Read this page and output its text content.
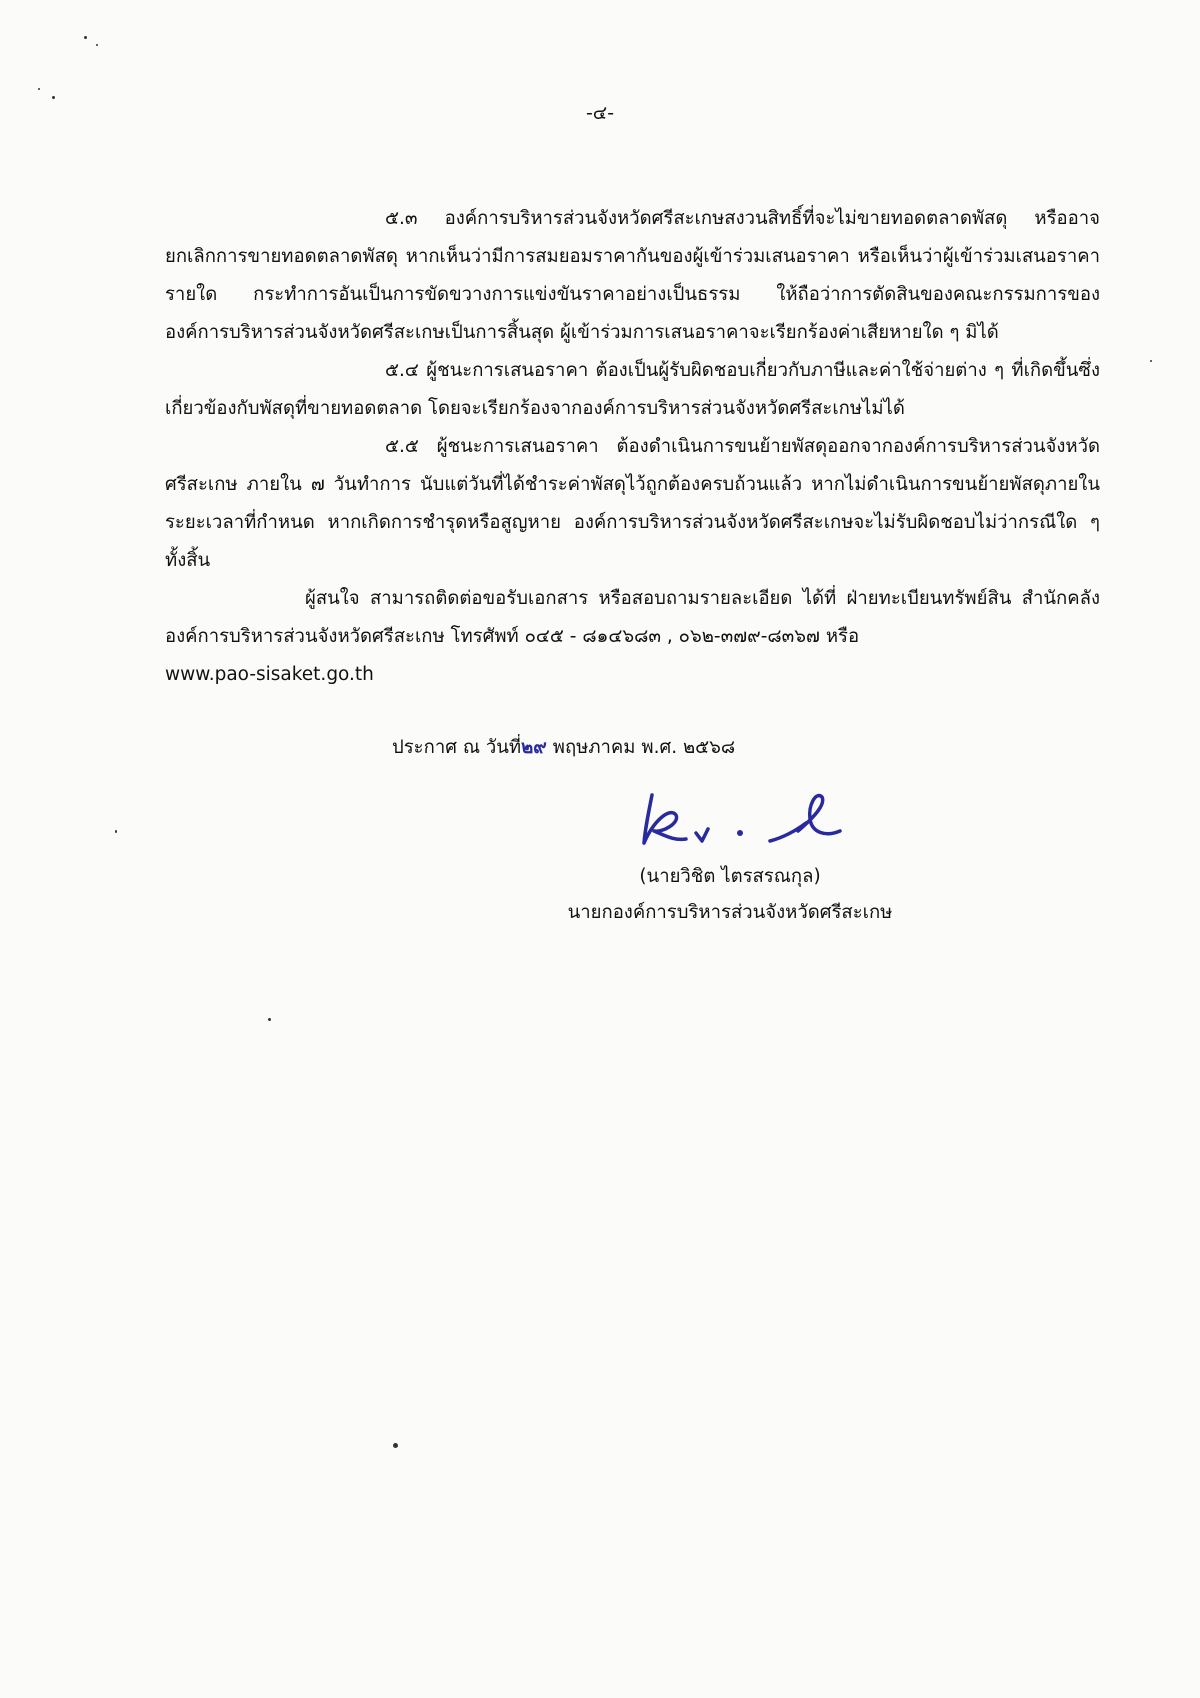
-๔-

๕.๓ องค์การบริหารส่วนจังหวัดศรีสะเกษสงวนสิทธิ์ที่จะไม่ขายทอดตลาดพัสดุ หรืออาจยกเลิกการขายทอดตลาดพัสดุ หากเห็นว่ามีการสมยอมราคากันของผู้เข้าร่วมเสนอราคา หรือเห็นว่าผู้เข้าร่วมเสนอราคารายใด กระทำการอันเป็นการขัดขวางการแข่งขันราคาอย่างเป็นธรรม ให้ถือว่าการตัดสินของคณะกรรมการขององค์การบริหารส่วนจังหวัดศรีสะเกษเป็นการสิ้นสุด ผู้เข้าร่วมการเสนอราคาจะเรียกร้องค่าเสียหายใด ๆ มิได้

๕.๔ ผู้ชนะการเสนอราคา ต้องเป็นผู้รับผิดชอบเกี่ยวกับภาษีและค่าใช้จ่ายต่าง ๆ ที่เกิดขึ้นซึ่งเกี่ยวข้องกับพัสดุที่ขายทอดตลาด โดยจะเรียกร้องจากองค์การบริหารส่วนจังหวัดศรีสะเกษไม่ได้

๕.๕ ผู้ชนะการเสนอราคา ต้องดำเนินการขนย้ายพัสดุออกจากองค์การบริหารส่วนจังหวัดศรีสะเกษ ภายใน ๗ วันทำการ นับแต่วันที่ได้ชำระค่าพัสดุไว้ถูกต้องครบถ้วนแล้ว หากไม่ดำเนินการขนย้ายพัสดุภายในระยะเวลาที่กำหนด หากเกิดการชำรุดหรือสูญหาย องค์การบริหารส่วนจังหวัดศรีสะเกษจะไม่รับผิดชอบไม่ว่ากรณีใด ๆ ทั้งสิ้น

ผู้สนใจ สามารถติดต่อขอรับเอกสาร หรือสอบถามรายละเอียด ได้ที่ ฝ่ายทะเบียนทรัพย์สิน สำนักคลัง องค์การบริหารส่วนจังหวัดศรีสะเกษ โทรศัพท์ ๐๔๕ - ๘๑๔๖๘๓ , ๐๖๒-๓๗๙-๘๓๖๗ หรือ

www.pao-sisaket.go.th

ประกาศ ณ วันที่๒๙ พฤษภาคม พ.ศ. ๒๕๖๘
(นายวิชิต ไตรสรณกุล)
นายกองค์การบริหารส่วนจังหวัดศรีสะเกษ
